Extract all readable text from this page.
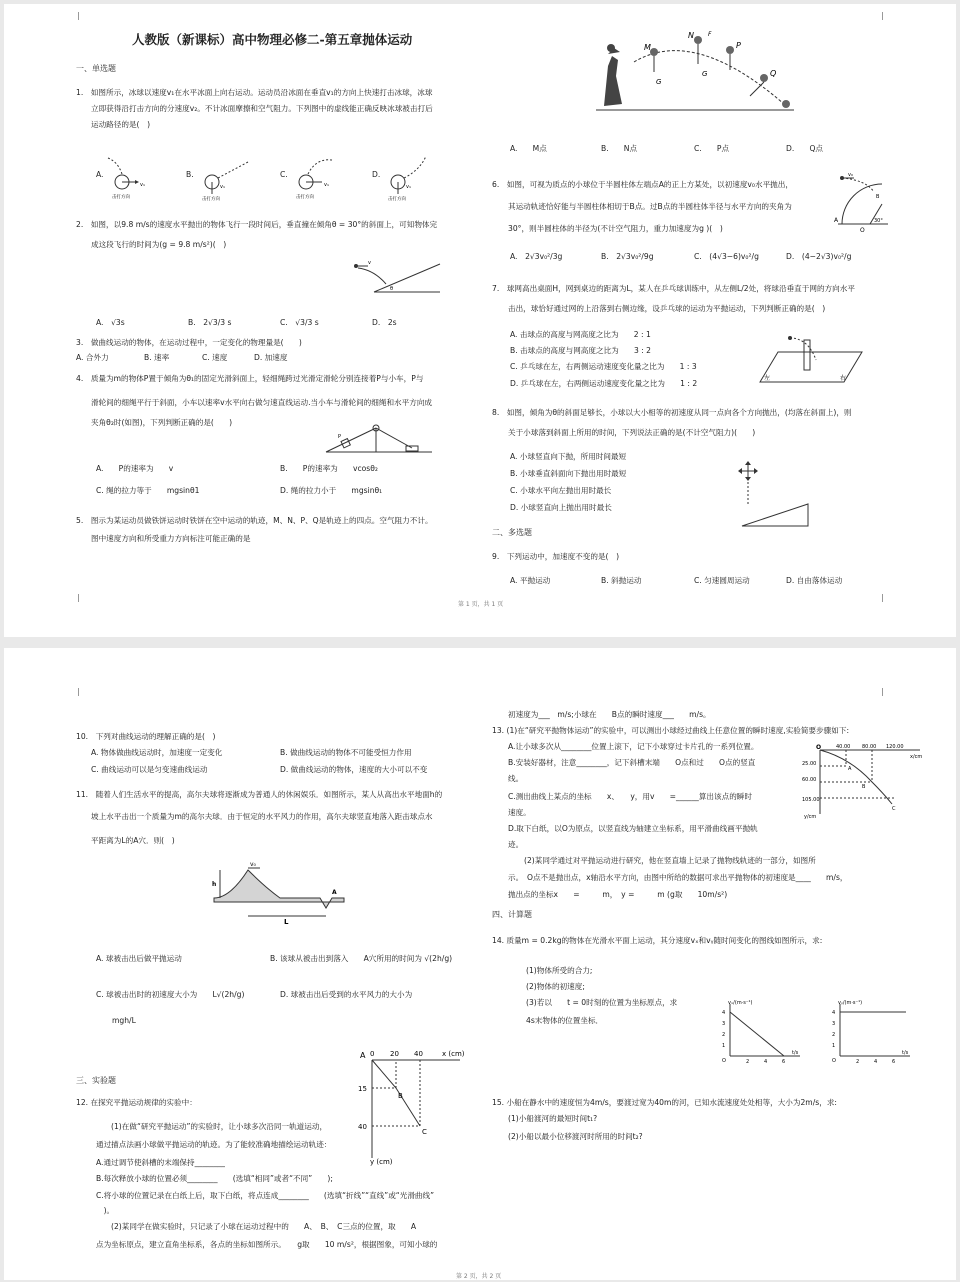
人教版（新课标）高中物理必修二-第五章抛体运动
一、单选题
1.　如图所示，冰球以速度v₁在水平冰面上向右运动。运动员沿冰面在垂直v₁的方向上快速打击冰球，冰球
立即获得沿打击方向的分速度v₂。不计冰面摩擦和空气阻力。下列图中的虚线能正确反映冰球被击打后
运动路径的是(　)
A.	B.	C.	D.
v₁
击打方向
v₁
击打方向
v₁
击打方向
v₁
击打方向
2.　如图，以9.8 m/s的速度水平抛出的物体飞行一段时间后，垂直撞在倾角θ = 30°的斜面上，可知物体完
成这段飞行的时间为(g = 9.8 m/s²)(　)
v
θ
A.　√3s	B.　2√3/3 s	C.　√3/3 s	D.　2s
3.　做曲线运动的物体，在运动过程中，一定变化的物理量是(　　)
A. 合外力	B. 速率	C. 速度	D. 加速度
4.　质量为m的物体P置于倾角为θ₁的固定光滑斜面上，轻细绳跨过光滑定滑轮分别连接着P与小车，P与
滑轮间的细绳平行于斜面，小车以速率v水平向右做匀速直线运动.当小车与滑轮间的细绳和水平方向成
夹角θ₂时(如图)，下列判断正确的是(　　)
P
A.　　P的速率为　　v	B.　　P的速率为　　vcosθ₂
C. 绳的拉力等于　　mgsinθ1	D. 绳的拉力小于　　mgsinθ₁
5.　图示为某运动员做铁饼运动时铁饼在空中运动的轨迹，M、N、P、Q是轨迹上的四点。空气阻力不计。
图中速度方向和所受重力方向标注可能正确的是
M
N
P
Q
G
G
F
A.　　M点	B.　　N点	C.　　P点	D.　　Q点
6.　如图，可视为质点的小球位于半圆柱体左端点A的正上方某处，以初速度v₀水平抛出，
其运动轨迹恰好能与半圆柱体相切于B点。过B点的半圆柱体半径与水平方向的夹角为
30°，则半圆柱体的半径为(不计空气阻力，重力加速度为g )(　)
v₀
A
O
B
30°
A.　2√3v₀²/3g	B.　2√3v₀²/9g	C.　(4√3−6)v₀²/g	D.　(4−2√3)v₀²/g
7.　球网高出桌面H，网到桌边的距离为L，某人在乒乓球训练中，从左侧L/2处，将球沿垂直于网的方向水平
击出，球恰好通过网的上沿落到右侧边缘，设乒乓球的运动为平抛运动，下列判断正确的是(　)
A. 击球点的高度与网高度之比为　　2 : 1
B. 击球点的高度与网高度之比为　　3 : 2
C. 乒乓球在左，右两侧运动速度变化量之比为　　1 : 3
D. 乒乓球在左，右两侧运动速度变化量之比为　　1 : 2
左	右
8.　如图，倾角为θ的斜面足够长，小球以大小相等的初速度从同一点向各个方向抛出，(均落在斜面上)，则
关于小球落到斜面上所用的时间，下列说法正确的是(不计空气阻力)(　　)
A. 小球竖直向下抛，所用时间最短
B. 小球垂直斜面向下抛出用时最短
C. 小球水平向左抛出用时最长
D. 小球竖直向上抛出用时最长
二、多选题
9.　下列运动中，加速度不变的是(　)
A. 平抛运动	B. 斜抛运动	C. 匀速圆周运动	D. 自由落体运动
第 1 页，共 1 页
10.　下列对曲线运动的理解正确的是(　)
A. 物体做曲线运动时，加速度一定变化	B. 做曲线运动的物体不可能受恒力作用
C. 曲线运动可以是匀变速曲线运动	D. 做曲线运动的物体，速度的大小可以不变
11.　随着人们生活水平的提高，高尔夫球将逐渐成为普通人的休闲娱乐．如图所示，某人从高出水平地面h的
坡上水平击出一个质量为m的高尔夫球．由于恒定的水平风力的作用，高尔夫球竖直地落入距击球点水
平距离为L的A穴．则(　)
v₀
h
A
L
A. 球被击出后做平抛运动	B. 该球从被击出到落入　　A穴所用的时间为 √(2h/g)
C. 球被击出时的初速度大小为　　L√(2h/g)	D. 球被击出后受到的水平风力的大小为
mgh/L
三、实验题
12. 在探究平抛运动规律的实验中：
(1)在做“研究平抛运动”的实验时，让小球多次沿同一轨道运动，
通过描点法画小球做平抛运动的轨迹。为了能较准确地描绘运动轨迹：
A.通过调节使斜槽的末端保持________
B.每次释放小球的位置必须________　　(选填“相同”或者“不同”　　);
C.将小球的位置记录在白纸上后，取下白纸，将点连成________　　(选填“折线”“直线”或“光滑曲线”
　)。
(2)某同学在做实验时，只记录了小球在运动过程中的　　A、　B、　C三点的位置，取　　A
点为坐标原点，建立直角坐标系，各点的坐标如图所示。　　g取　　10 m/s²，根据图象，可知小球的
A 0 20 40	x (cm)
15
B
40
C
y (cm)
初速度为___　m/s;小球在　　B点的瞬时速度___　　m/s。
13. (1)在“研究平抛物体运动”的实验中，可以测出小球经过曲线上任意位置的瞬时速度,实验简要步骤如下:
A.让小球多次从________位置上滚下，记下小球穿过卡片孔的一系列位置。
B.安装好器材，注意________，记下斜槽末端　　O点和过　　O点的竖直
线。
C.测出曲线上某点的坐标　　x、　　y，用v　　=______算出该点的瞬时
速度。
D.取下白纸，以O为原点，以竖直线为轴建立坐标系，用平滑曲线画平抛轨
迹。
(2)某同学通过对平抛运动进行研究，他在竖直墙上记录了抛物线轨迹的一部分，如图所
示。　O点不是抛出点，x轴沿水平方向，由图中所给的数据可求出平抛物体的初速度是____　　m/s，
抛出点的坐标x　　=　　　m，　y =　　　m (g取　　10m/s²)
O	40.00 80.00 120.00
x/cm
25.00
A
60.00
B
105.00
C
y/cm
四、计算题
14. 质量m = 0.2kg的物体在光滑水平面上运动，其分速度vₓ和vᵧ随时间变化的图线如图所示，求:
(1)物体所受的合力;
(2)物体的初速度;
(3)若以　　t = 0时刻的位置为坐标原点，求
4s末物体的位置坐标．
vₓ/(m·s⁻¹)
4
3
2
1
O	2	4	6
t/s
vᵧ/(m·s⁻¹)
4
3
2
1
O	2	4	6
t/s
15. 小船在静水中的速度恒为4m/s，要渡过宽为40m的河，已知水流速度处处相等，大小为2m/s，求:
(1)小船渡河的最短时间t₁?
(2)小船以最小位移渡河时所用的时间t₂?
第 2 页，共 2 页
